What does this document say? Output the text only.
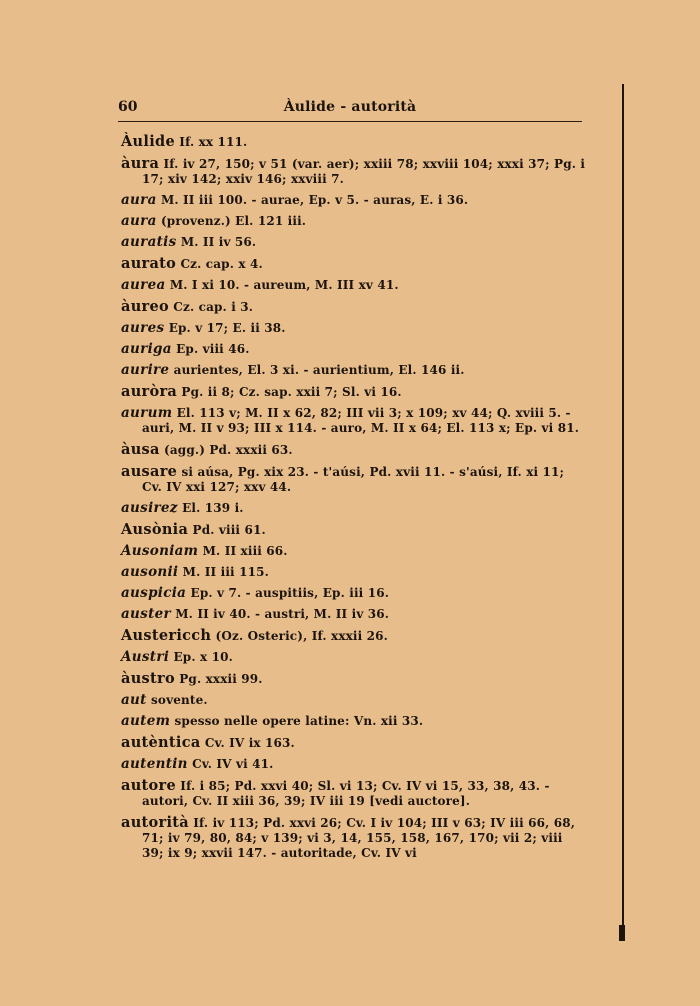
60	Àulide - autorità
Àulide If. xx 111.
àura If. iv 27, 150; v 51 (var. aer); xxiii 78; xxviii 104; xxxi 37; Pg. i 17; xiv 142; xxiv 146; xxviii 7.
aura M. II iii 100. - aurae, Ep. v 5. - auras, E. i 36.
aura (provenz.) El. 121 iii.
auratis M. II iv 56.
aurato Cz. cap. x 4.
aurea M. I xi 10. - aureum, M. III xv 41.
àureo Cz. cap. i 3.
aures Ep. v 17; E. ii 38.
auriga Ep. viii 46.
aurire aurientes, El. 3 xi. - aurientium, El. 146 ii.
auròra Pg. ii 8; Cz. sap. xxii 7; Sl. vi 16.
aurum El. 113 v; M. II x 62, 82; III vii 3; x 109; xv 44; Q. xviii 5. - auri, M. II v 93; III x 114. - auro, M. II x 64; El. 113 x; Ep. vi 81.
àusa (agg.) Pd. xxxii 63.
ausare si aúsa, Pg. xix 23. - t'aúsi, Pd. xvii 11. - s'aúsi, If. xi 11; Cv. IV xxi 127; xxv 44.
ausirez El. 139 i.
Ausònia Pd. viii 61.
Ausoniam M. II xiii 66.
ausonii M. II iii 115.
auspicia Ep. v 7. - auspitiis, Ep. iii 16.
auster M. II iv 40. - austri, M. II iv 36.
Austericch (Oz. Osteric), If. xxxii 26.
Austri Ep. x 10.
àustro Pg. xxxii 99.
aut sovente.
autem spesso nelle opere latine: Vn. xii 33.
autèntica Cv. IV ix 163.
autentin Cv. IV vi 41.
autore If. i 85; Pd. xxvi 40; Sl. vi 13; Cv. IV vi 15, 33, 38, 43. - autori, Cv. II xiii 36, 39; IV iii 19 [vedi auctore].
autorità If. iv 113; Pd. xxvi 26; Cv. I iv 104; III v 63; IV iii 66, 68, 71; iv 79, 80, 84; v 139; vi 3, 14, 155, 158, 167, 170; vii 2; viii 39; ix 9; xxvii 147. - autoritade, Cv. IV vi
